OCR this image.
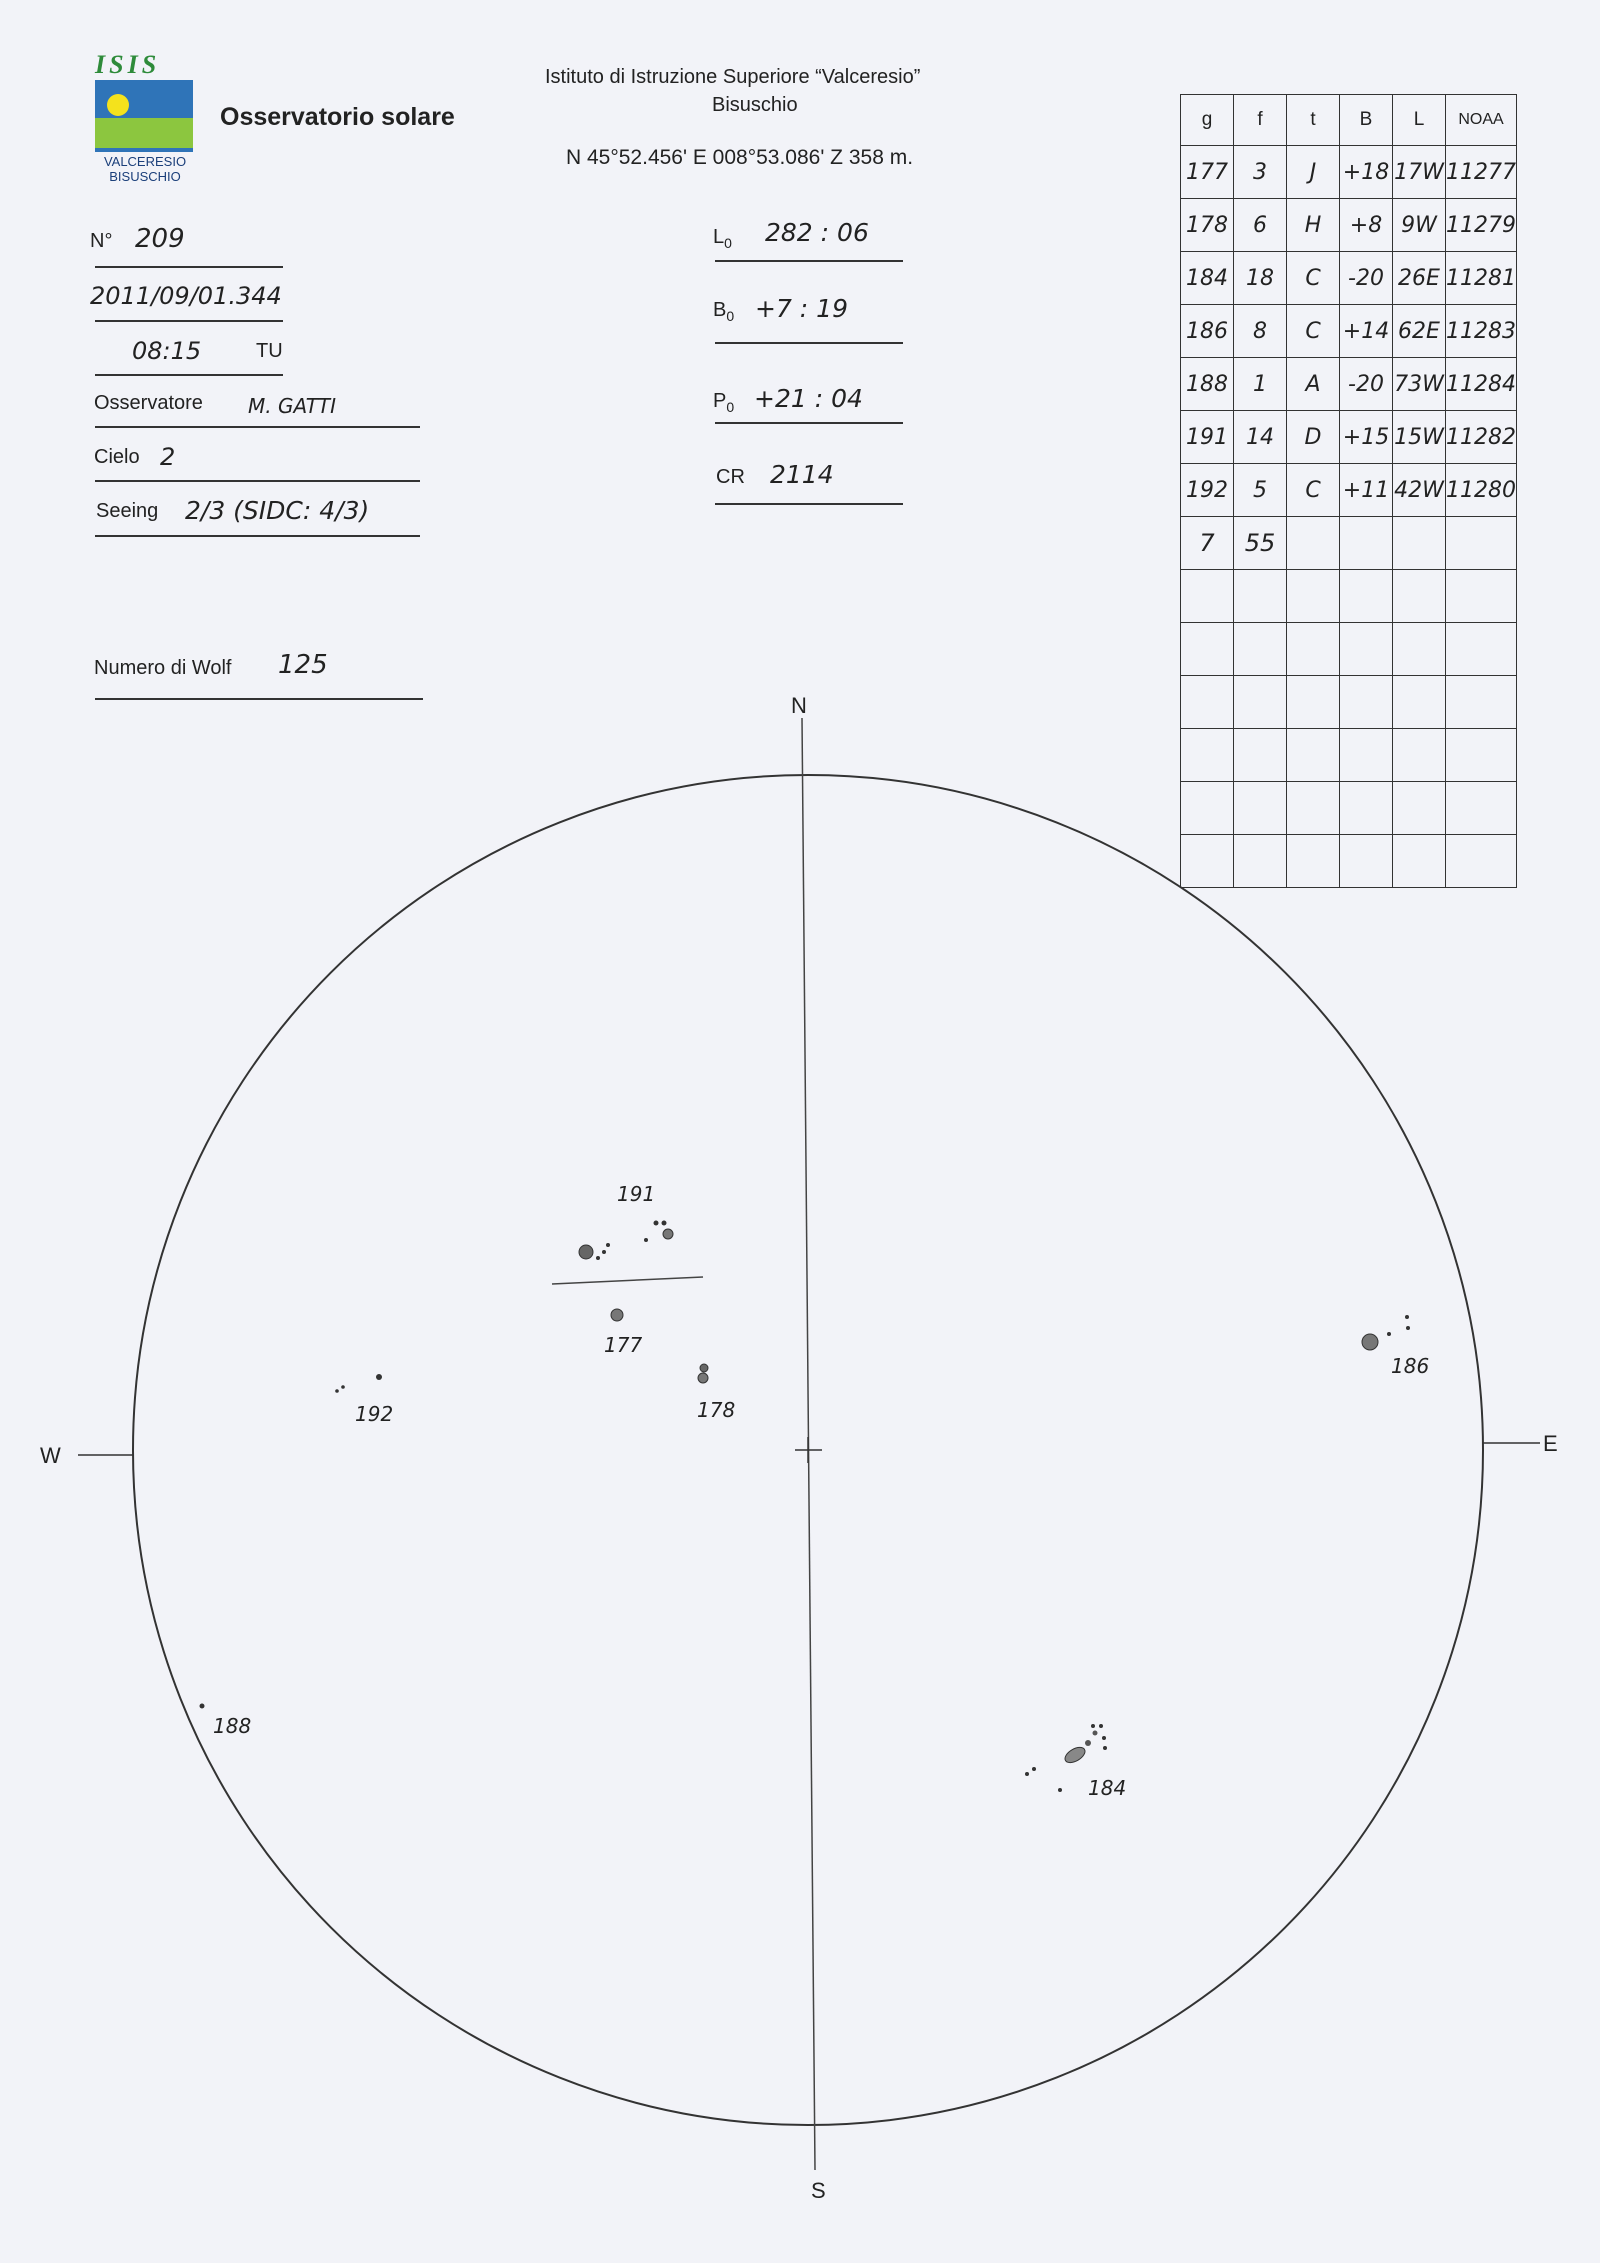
ISIS
VALCERESIO
BISUSCHIO
Osservatorio solare
Istituto di Istruzione Superiore “Valceresio”
Bisuschio
N 45°52.456' E 008°53.086' Z 358 m.
N° 209
2011/09/01.344
08:15	TU
Osservatore M. GATTI
Cielo 2
Seeing 2/3 (SIDC: 4/3)
Numero di Wolf 125
$L_0$ 282 : 06
$B_0 +7$ : 19
$P_0 +21$ : 04
CR 2114
g	f	t	B	L	NOAA
177	3	J	+18	17W	11277
178	6	H	+8	9W	11279
184	18	C	-20	26E	11281
186	8	C	+14	62E	11283
188	1	A	-20	73W	11284
191	14	D	+15	15W	11282
192	5	C	+11	42W	11280
7	55				

N
S
W	E
191
177
178
192
186
188
184
